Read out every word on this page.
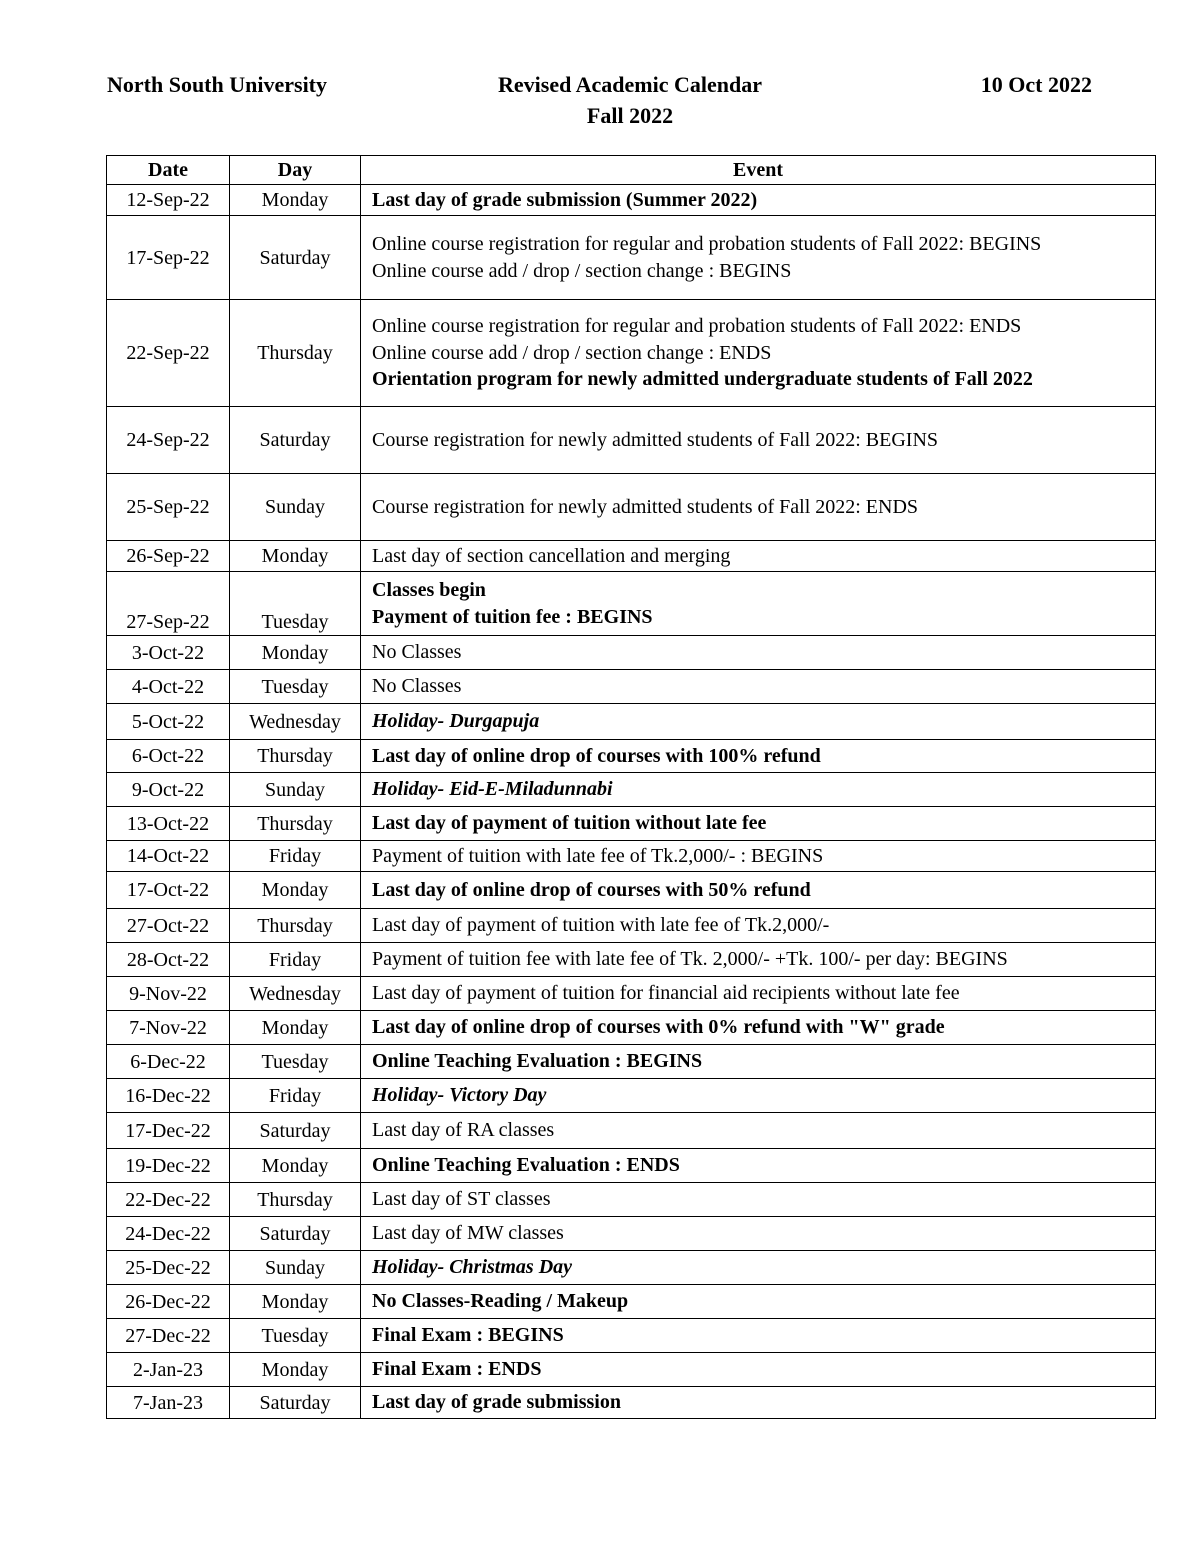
North South University	Revised Academic Calendar	10 Oct 2022
Fall 2022
Date	Day	Event
12-Sep-22	Monday	Last day of grade submission (Summer 2022)

17-Sep-22	Saturday	Online course registration for regular and probation students of Fall 2022: BEGINS
Online course add / drop / section change : BEGINS

22-Sep-22	Thursday	Online course registration for regular and probation students of Fall 2022: ENDS
Online course add / drop / section change : ENDS
Orientation program for newly admitted undergraduate students of Fall 2022

24-Sep-22	Saturday	Course registration for newly admitted students of Fall 2022: BEGINS

25-Sep-22	Sunday	Course registration for newly admitted students of Fall 2022: ENDS

26-Sep-22	Monday	Last day of section cancellation and merging

27-Sep-22	Tuesday	Classes begin
Payment of tuition fee : BEGINS

3-Oct-22	Monday	No Classes

4-Oct-22	Tuesday	No Classes

5-Oct-22	Wednesday	Holiday- Durgapuja

6-Oct-22	Thursday	Last day of online drop of courses with 100% refund

9-Oct-22	Sunday	Holiday- Eid-E-Miladunnabi

13-Oct-22	Thursday	Last day of payment of tuition without late fee

14-Oct-22	Friday	Payment of tuition with late fee of Tk.2,000/- : BEGINS

17-Oct-22	Monday	Last day of online drop of courses with 50% refund

27-Oct-22	Thursday	Last day of payment of tuition with late fee of Tk.2,000/-

28-Oct-22	Friday	Payment of tuition fee with late fee of Tk. 2,000/- +Tk. 100/- per day: BEGINS

9-Nov-22	Wednesday	Last day of payment of tuition for financial aid recipients without late fee

7-Nov-22	Monday	Last day of online drop of courses with 0% refund with "W" grade

6-Dec-22	Tuesday	Online Teaching Evaluation : BEGINS

16-Dec-22	Friday	Holiday- Victory Day

17-Dec-22	Saturday	Last day of RA classes

19-Dec-22	Monday	Online Teaching Evaluation : ENDS

22-Dec-22	Thursday	Last day of ST classes

24-Dec-22	Saturday	Last day of MW classes

25-Dec-22	Sunday	Holiday- Christmas Day

26-Dec-22	Monday	No Classes-Reading / Makeup

27-Dec-22	Tuesday	Final Exam : BEGINS

2-Jan-23	Monday	Final Exam : ENDS

7-Jan-23	Saturday	Last day of grade submission
